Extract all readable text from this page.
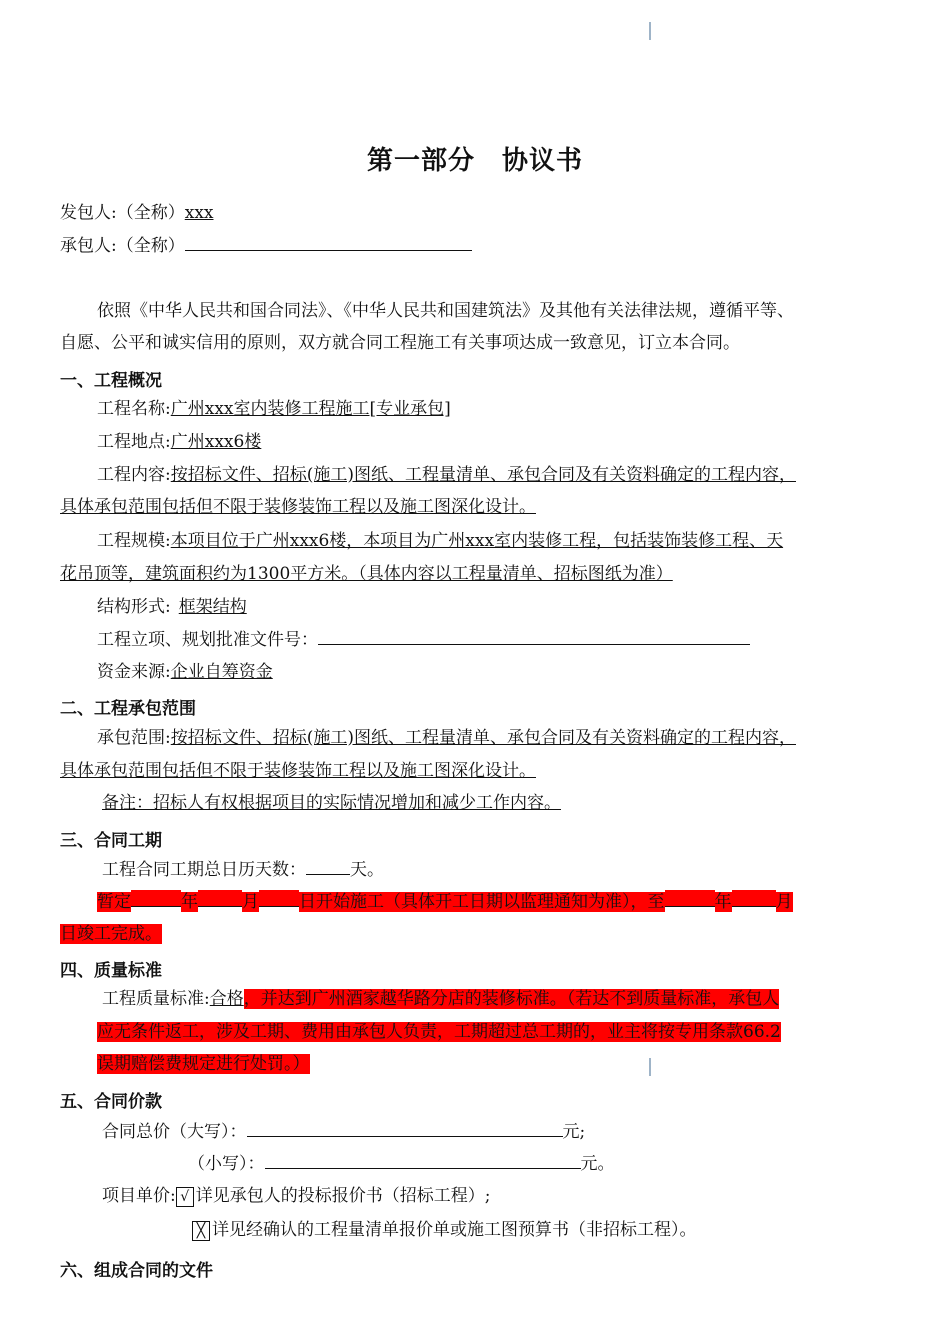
第一部分　协议书
发包人:（全称）xxx
承包人:（全称）
依照《中华人民共和国合同法》、《中华人民共和国建筑法》及其他有关法律法规，遵循平等、
自愿、公平和诚实信用的原则，双方就合同工程施工有关事项达成一致意见，订立本合同。
一、工程概况
工程名称:广州xxx室内装修工程施工[专业承包]
工程地点:广州xxx6楼
工程内容:按招标文件、招标(施工)图纸、工程量清单、承包合同及有关资料确定的工程内容，
具体承包范围包括但不限于装修装饰工程以及施工图深化设计。
工程规模:本项目位于广州xxx6楼，本项目为广州xxx室内装修工程，包括装饰装修工程、天
花吊顶等，建筑面积约为1300平方米。（具体内容以工程量清单、招标图纸为准）
结构形式: 框架结构
工程立项、规划批准文件号：
资金来源:企业自筹资金
二、工程承包范围
承包范围:按招标文件、招标(施工)图纸、工程量清单、承包合同及有关资料确定的工程内容，
具体承包范围包括但不限于装修装饰工程以及施工图深化设计。
备注：招标人有权根据项目的实际情况增加和减少工作内容。
三、合同工期
工程合同工期总日历天数：	天。
暂定	年	月 日开始施工（具体开工日期以监理通知为准），至	年	月
日竣工完成。
四、质量标准
工程质量标准:合格，并达到广州酒家越华路分店的装修标准。（若达不到质量标准，承包人
应无条件返工，涉及工期、费用由承包人负责，工期超过总工期的，业主将按专用条款66.2
误期赔偿费规定进行处罚。）
五、合同价款
合同总价（大写）：	元;
（小写）：	元。
项目单价: √ 详见承包人的投标报价书（招标工程）;
╳ 详见经确认的工程量清单报价单或施工图预算书（非招标工程）。
六、组成合同的文件
